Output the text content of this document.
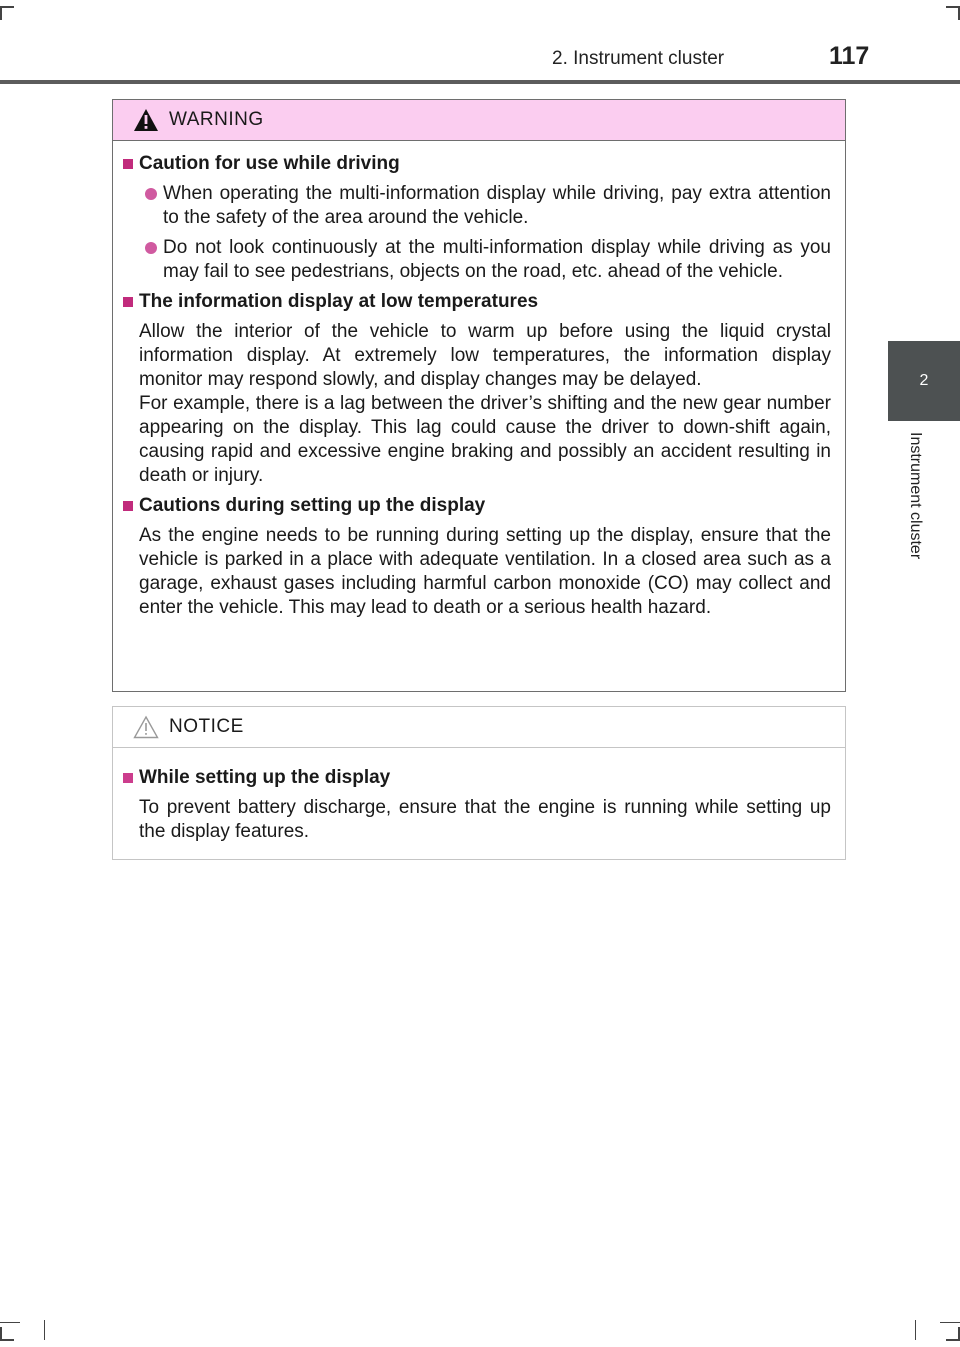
2. Instrument cluster	117
2
Instrument cluster
WARNING
Caution for use while driving
When operating the multi-information display while driving, pay extra attention to the safety of the area around the vehicle.
Do not look continuously at the multi-information display while driving as you may fail to see pedestrians, objects on the road, etc. ahead of the vehicle.
The information display at low temperatures
Allow the interior of the vehicle to warm up before using the liquid crystal information display. At extremely low temperatures, the information display monitor may respond slowly, and display changes may be delayed.
For example, there is a lag between the driver’s shifting and the new gear number appearing on the display. This lag could cause the driver to down-shift again, causing rapid and excessive engine braking and possibly an accident resulting in death or injury.
Cautions during setting up the display
As the engine needs to be running during setting up the display, ensure that the vehicle is parked in a place with adequate ventilation. In a closed area such as a garage, exhaust gases including harmful carbon monoxide (CO) may collect and enter the vehicle. This may lead to death or a serious health hazard.
NOTICE
While setting up the display
To prevent battery discharge, ensure that the engine is running while setting up the display features.
